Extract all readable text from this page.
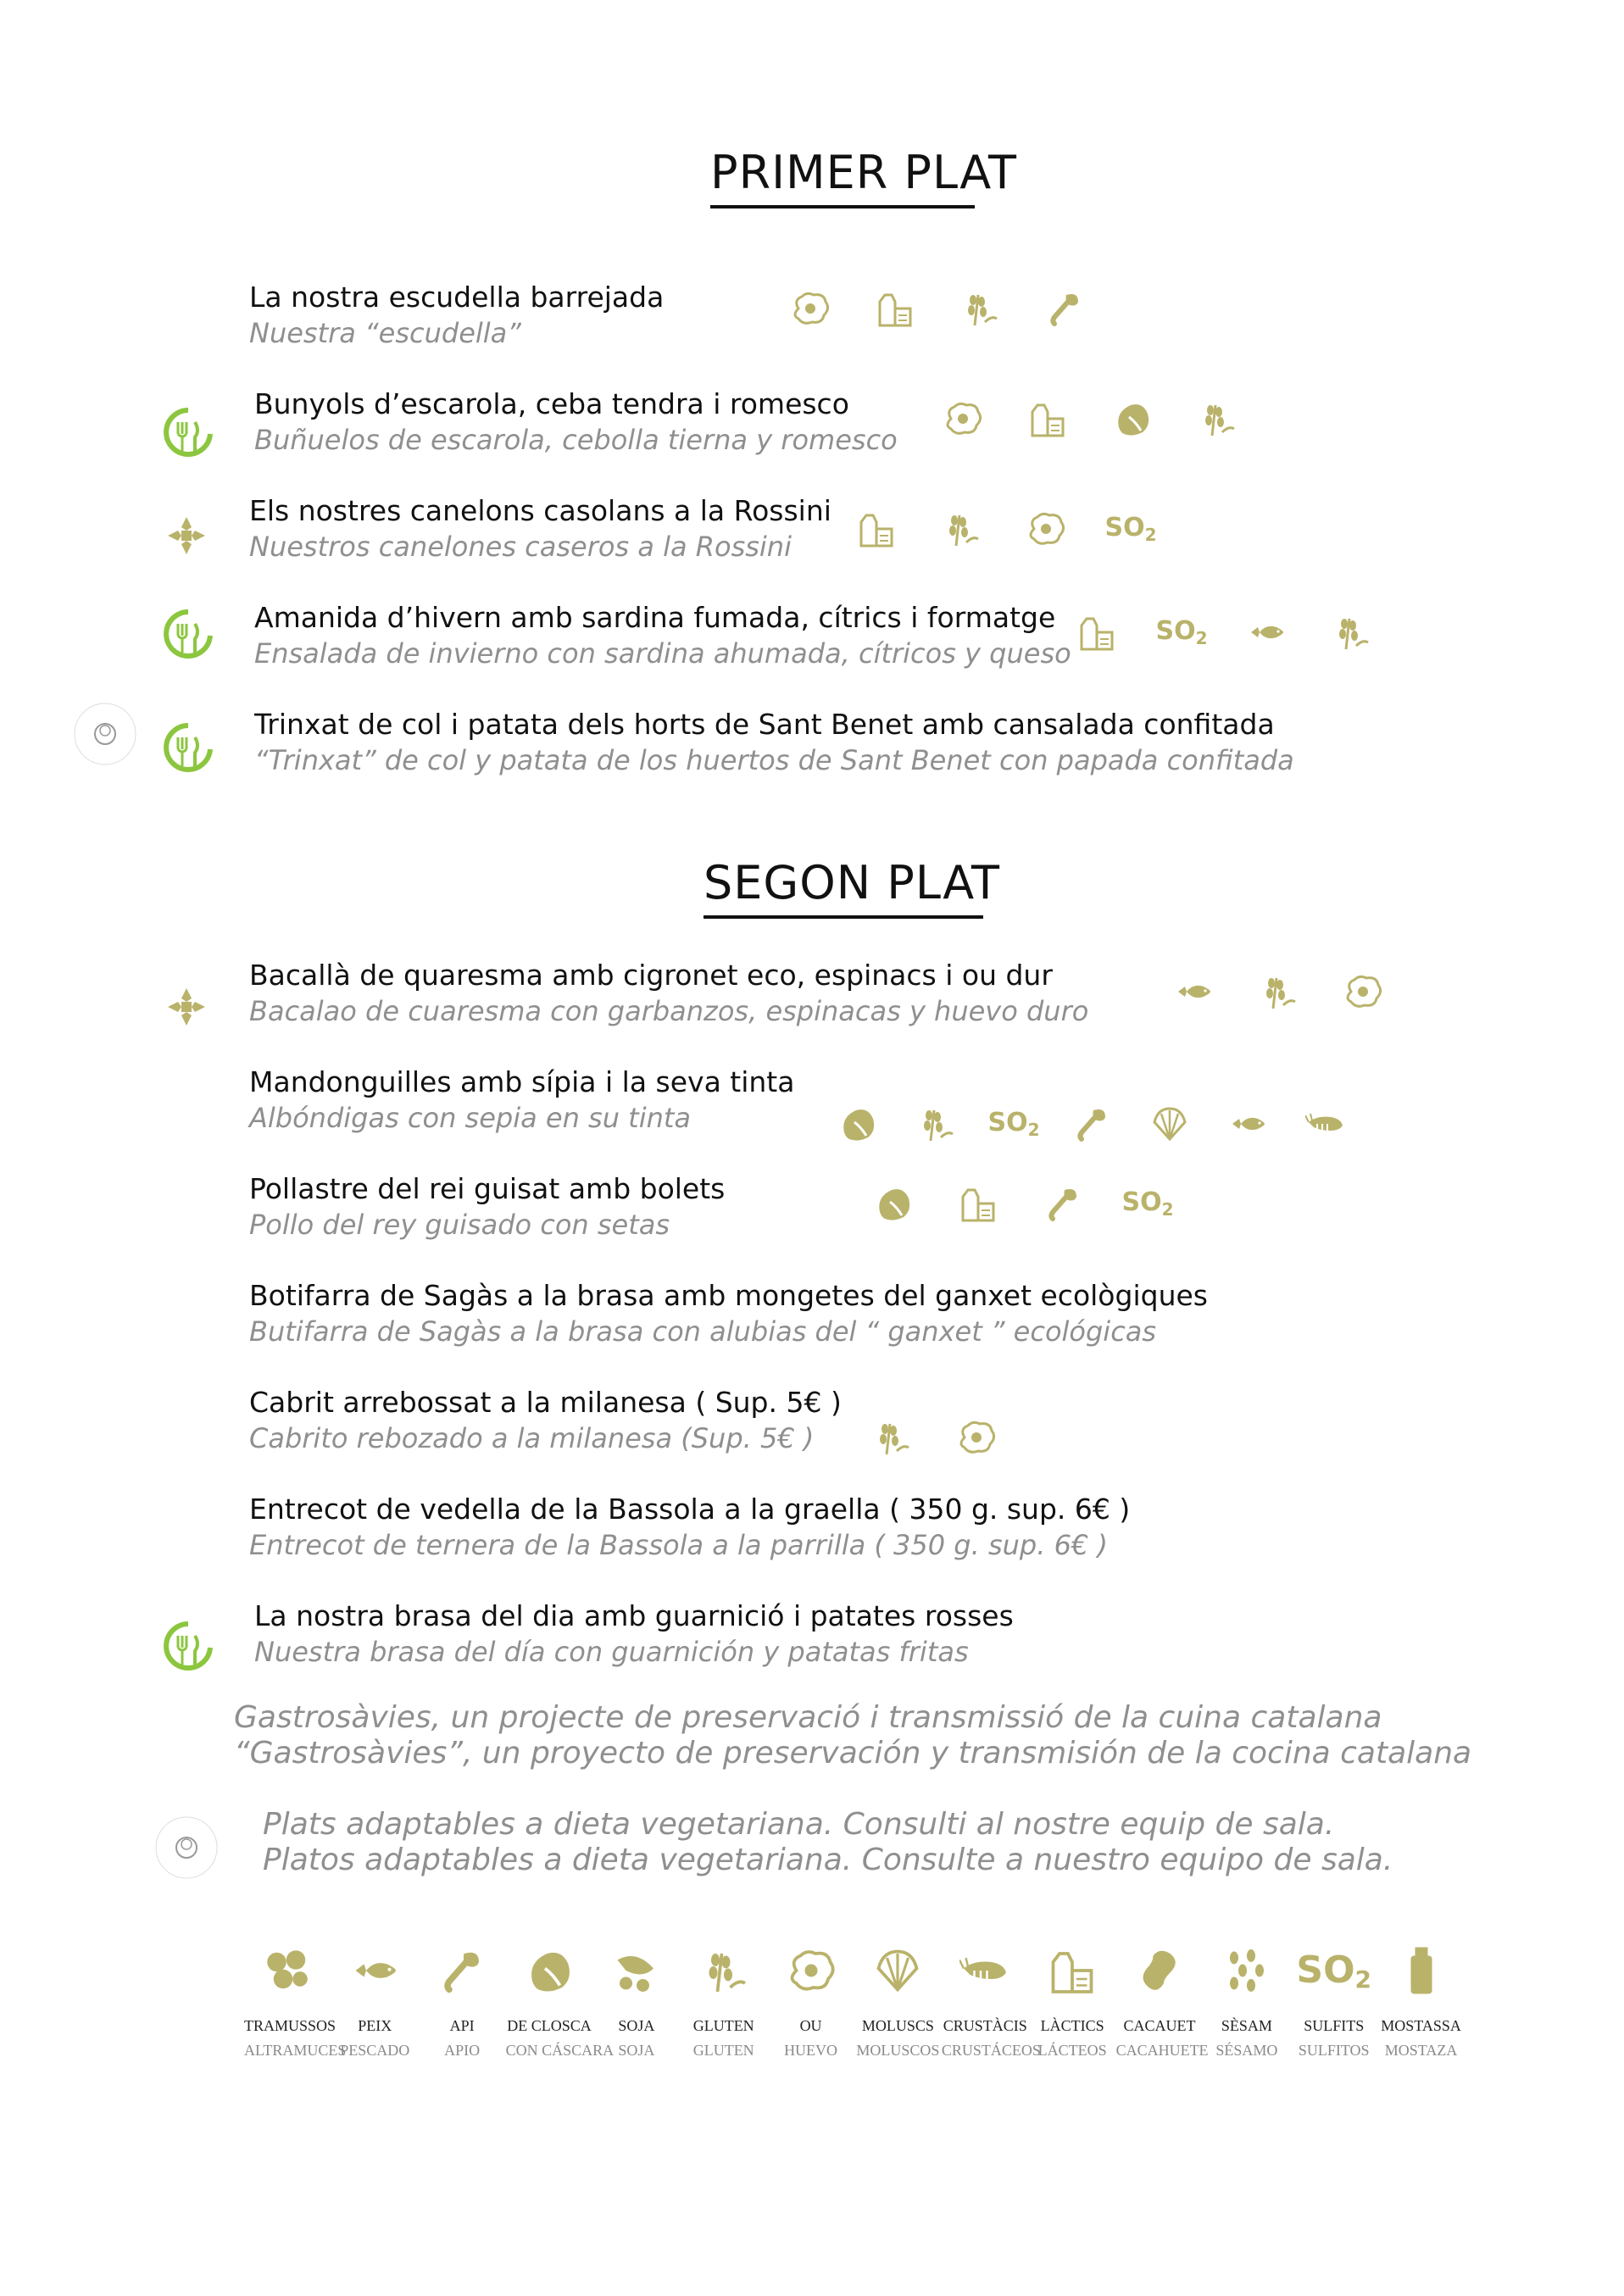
PRIMER PLAT
SEGON PLAT
La nostra escudella barrejada
Nuestra “escudella”
Bunyols d’escarola, ceba tendra i romesco
Buñuelos de escarola, cebolla tierna y romesco
Els nostres canelons casolans a la Rossini
Nuestros canelones caseros a la Rossini
Amanida d’hivern amb sardina fumada, cítrics i formatge
Ensalada de invierno con sardina ahumada, cítricos y queso
Trinxat de col i patata dels horts de Sant Benet amb cansalada confitada
“Trinxat” de col y patata de los huertos de Sant Benet con papada confitada
Bacallà de quaresma amb cigronet eco, espinacs i ou dur
Bacalao de cuaresma con garbanzos, espinacas y huevo duro
Mandonguilles amb sípia i la seva tinta
Albóndigas con sepia en su tinta
Pollastre del rei guisat amb bolets
Pollo del rey guisado con setas
Botifarra de Sagàs a la brasa amb mongetes del ganxet ecològiques
Butifarra de Sagàs a la brasa con alubias del “ ganxet ” ecológicas
Cabrit arrebossat a la milanesa ( Sup. 5€ )
Cabrito rebozado a la milanesa (Sup. 5€ )
Entrecot de vedella de la Bassola a la graella ( 350 g. sup. 6€ )
Entrecot de ternera de la Bassola a la parrilla ( 350 g. sup. 6€ )
La nostra brasa del dia amb guarnició i patates rosses
Nuestra brasa del día con guarnición y patatas fritas
$SO_2$
$SO_2$
$SO_2$
$SO_2$
Gastrosàvies, un projecte de preservació i transmissió de la cuina catalana
“Gastrosàvies”, un proyecto de preservación y transmisión de la cocina catalana
Plats adaptables a dieta vegetariana. Consulti al nostre equip de sala.
Platos adaptables a dieta vegetariana. Consulte a nuestro equipo de sala.
TRAMUSSOS
ALTRAMUCES
PEIX
PESCADO
API
APIO
DE CLOSCA
CON CÁSCARA
SOJA
SOJA
GLUTEN
GLUTEN
OU
HUEVO
MOLUSCS
MOLUSCOS
CRUSTÀCIS
CRUSTÁCEOS
LÀCTICS
LÁCTEOS
CACAUET
CACAHUETE
SÈSAM
SÉSAMO
SO2
SULFITS
SULFITOS
MOSTASSA
MOSTAZA
